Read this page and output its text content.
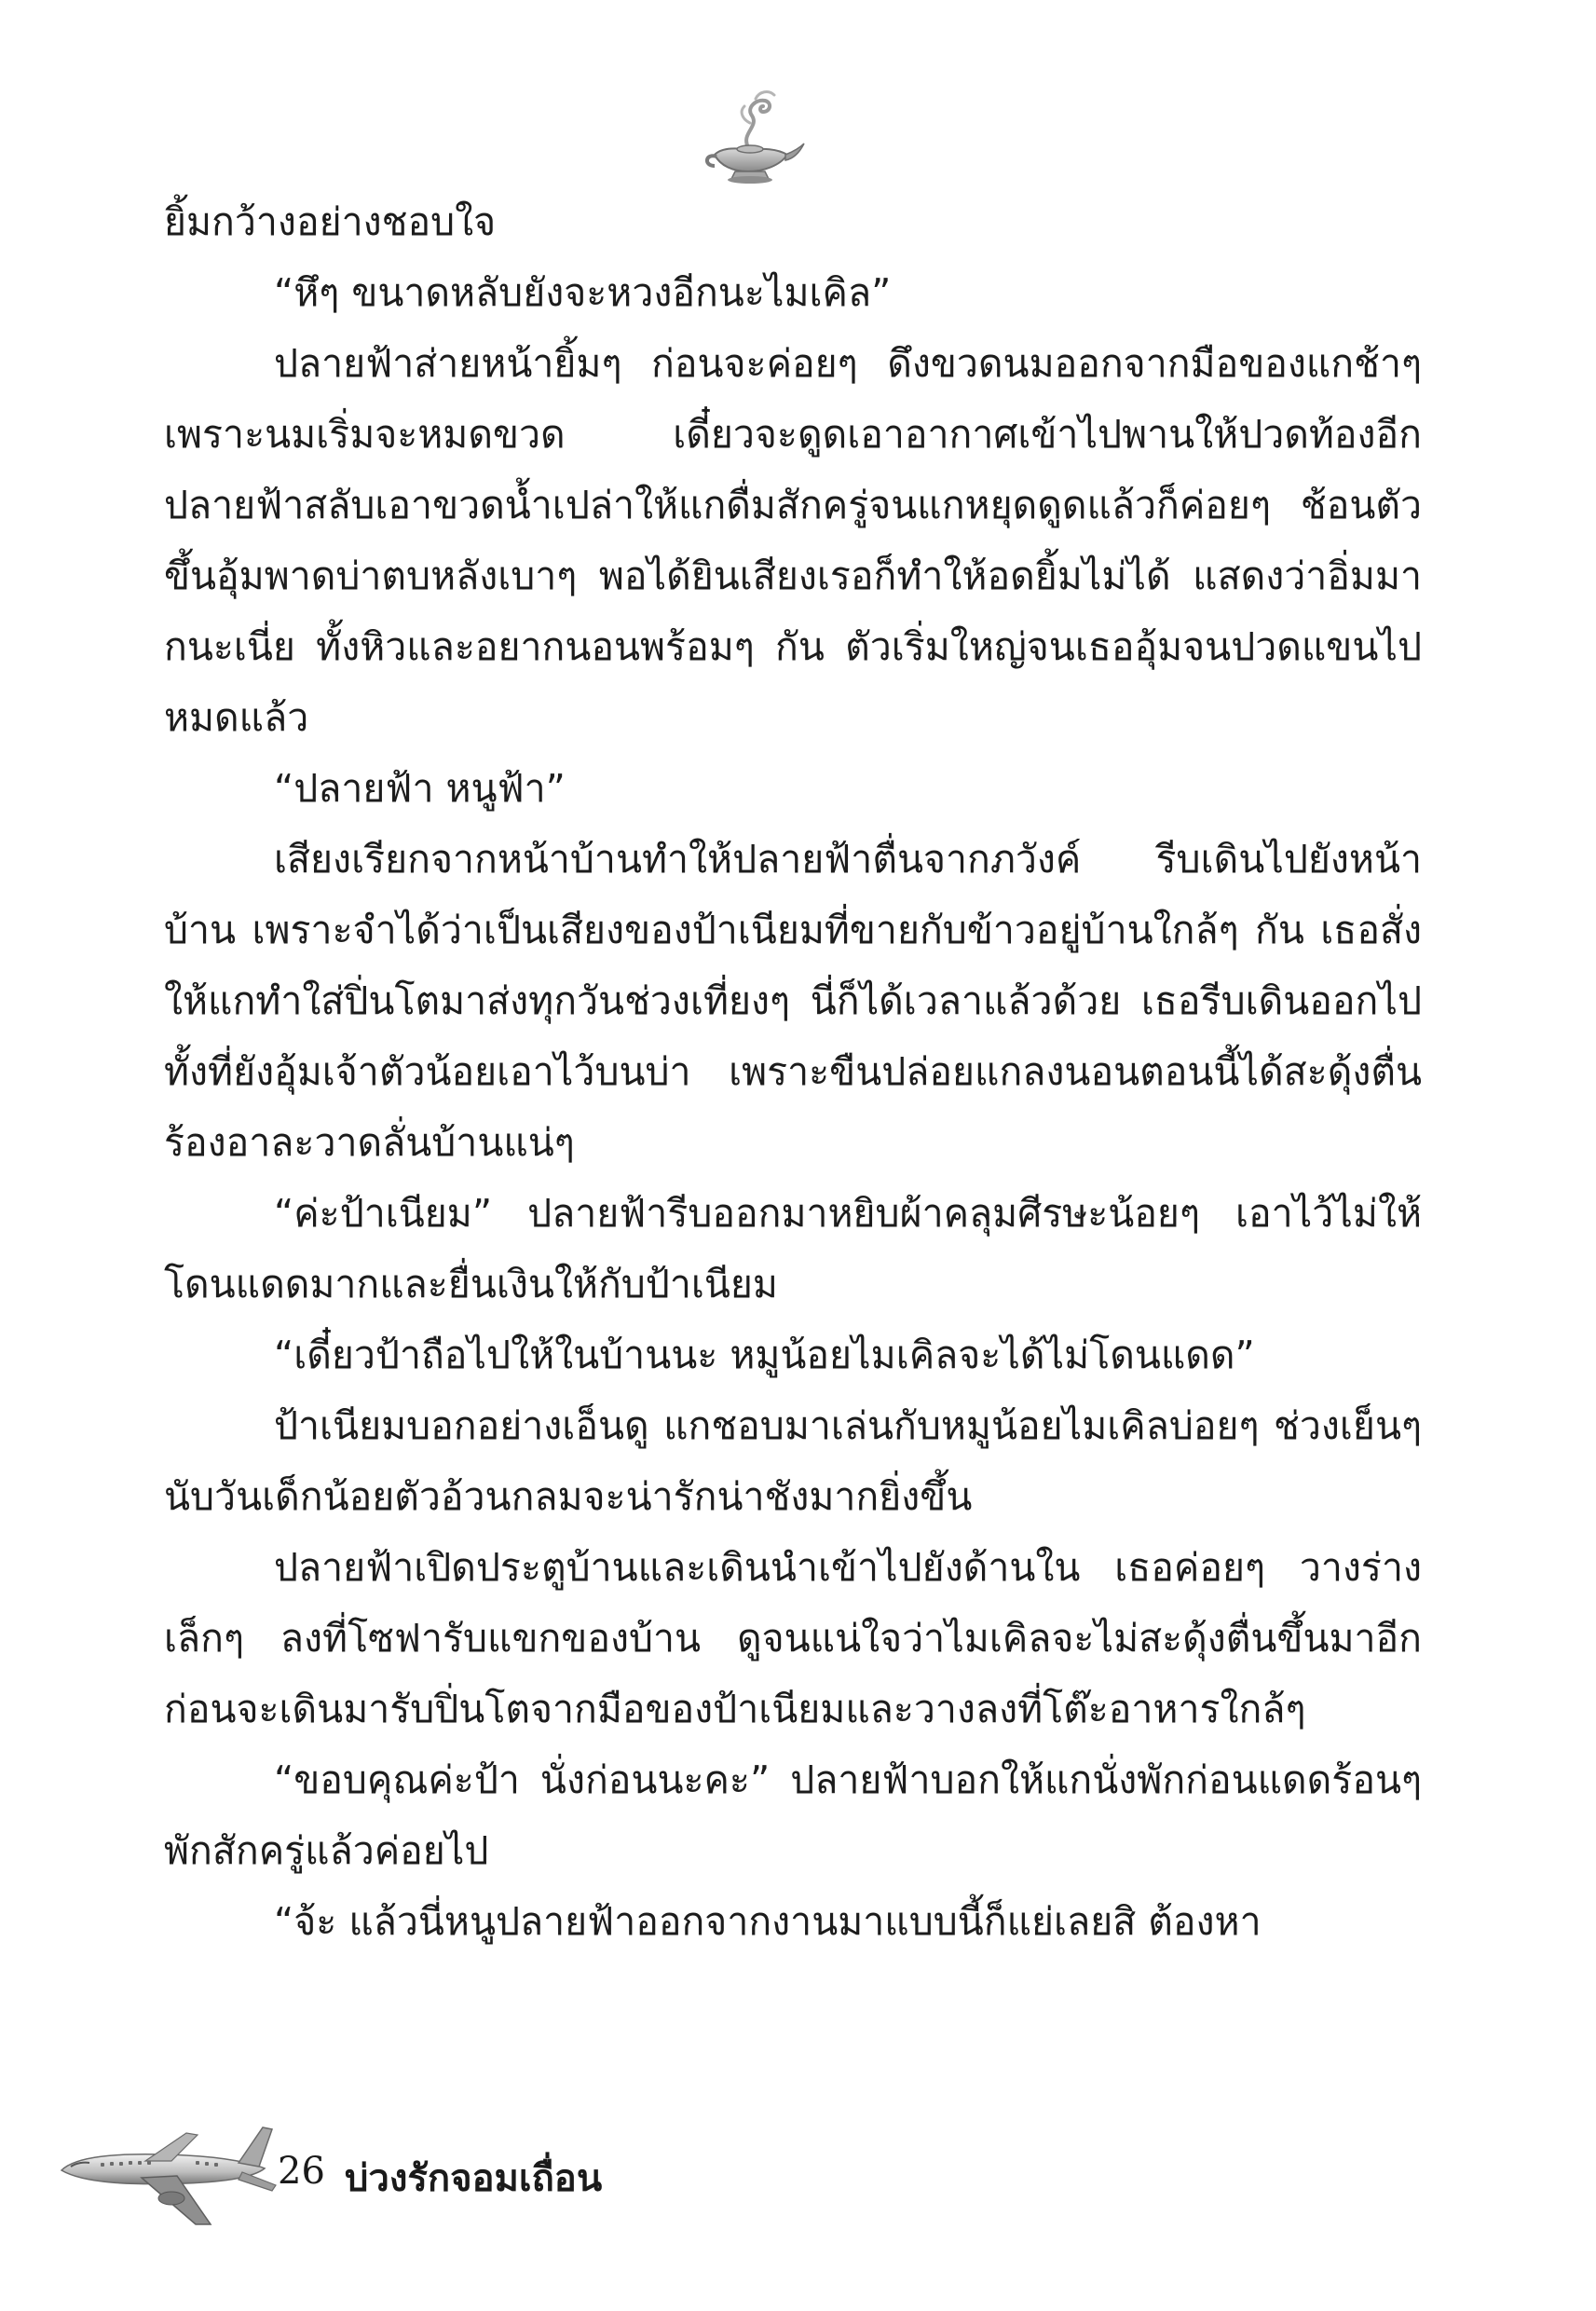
ยิ้มกว้างอย่างชอบใจ

“หึๆ ขนาดหลับยังจะหวงอีกนะไมเคิล”

ปลายฟ้าส่ายหน้ายิ้มๆ ก่อนจะค่อยๆ ดึงขวดนมออกจากมือของแกช้าๆ เพราะนมเริ่มจะหมดขวด เดี๋ยวจะดูดเอาอากาศเข้าไปพานให้ปวดท้องอีก ปลายฟ้าสลับเอาขวดน้ำเปล่าให้แกดื่มสักครู่จนแกหยุดดูดแล้วก็ค่อยๆ ช้อนตัวขึ้นอุ้มพาดบ่าตบหลังเบาๆ พอได้ยินเสียงเรอก็ทำให้อดยิ้มไม่ได้ แสดงว่าอิ่มมากนะเนี่ย ทั้งหิวและอยากนอนพร้อมๆ กัน ตัวเริ่มใหญ่จนเธออุ้มจนปวดแขนไปหมดแล้ว

“ปลายฟ้า หนูฟ้า”

เสียงเรียกจากหน้าบ้านทำให้ปลายฟ้าตื่นจากภวังค์ รีบเดินไปยังหน้าบ้าน เพราะจำได้ว่าเป็นเสียงของป้าเนียมที่ขายกับข้าวอยู่บ้านใกล้ๆ กัน เธอสั่งให้แกทำใส่ปิ่นโตมาส่งทุกวันช่วงเที่ยงๆ นี่ก็ได้เวลาแล้วด้วย เธอรีบเดินออกไปทั้งที่ยังอุ้มเจ้าตัวน้อยเอาไว้บนบ่า เพราะขืนปล่อยแกลงนอนตอนนี้ได้สะดุ้งตื่นร้องอาละวาดลั่นบ้านแน่ๆ

“ค่ะป้าเนียม” ปลายฟ้ารีบออกมาหยิบผ้าคลุมศีรษะน้อยๆ เอาไว้ไม่ให้โดนแดดมากและยื่นเงินให้กับป้าเนียม

“เดี๋ยวป้าถือไปให้ในบ้านนะ หมูน้อยไมเคิลจะได้ไม่โดนแดด”

ป้าเนียมบอกอย่างเอ็นดู แกชอบมาเล่นกับหมูน้อยไมเคิลบ่อยๆ ช่วงเย็นๆ นับวันเด็กน้อยตัวอ้วนกลมจะน่ารักน่าชังมากยิ่งขึ้น

ปลายฟ้าเปิดประตูบ้านและเดินนำเข้าไปยังด้านใน เธอค่อยๆ วางร่างเล็กๆ ลงที่โซฟารับแขกของบ้าน ดูจนแน่ใจว่าไมเคิลจะไม่สะดุ้งตื่นขึ้นมาอีก ก่อนจะเดินมารับปิ่นโตจากมือของป้าเนียมและวางลงที่โต๊ะอาหารใกล้ๆ

“ขอบคุณค่ะป้า นั่งก่อนนะคะ” ปลายฟ้าบอกให้แกนั่งพักก่อนแดดร้อนๆ พักสักครู่แล้วค่อยไป

“จ้ะ แล้วนี่หนูปลายฟ้าออกจากงานมาแบบนี้ก็แย่เลยสิ ต้องหา

26 บ่วงรักจอมเถื่อน
